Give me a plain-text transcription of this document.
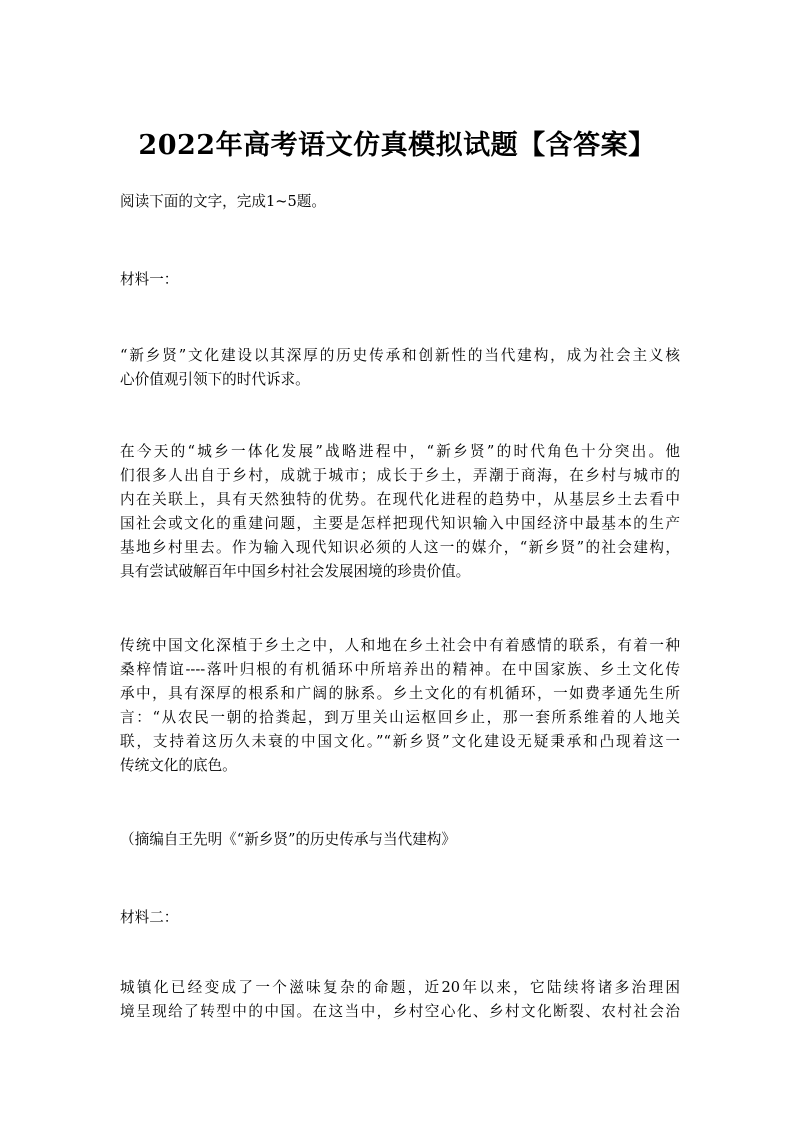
2022年高考语文仿真模拟试题【含答案】

阅读下面的文字，完成1~5题。

材料一：

“新乡贤”文化建设以其深厚的历史传承和创新性的当代建构，成为社会主义核
心价值观引领下的时代诉求。

在今天的“城乡一体化发展”战略进程中，“新乡贤”的时代角色十分突出。他
们很多人出自于乡村，成就于城市；成长于乡土，弄潮于商海，在乡村与城市的
内在关联上，具有天然独特的优势。在现代化进程的趋势中，从基层乡土去看中
国社会或文化的重建问题，主要是怎样把现代知识输入中国经济中最基本的生产
基地乡村里去。作为输入现代知识必须的人这一的媒介，“新乡贤”的社会建构，
具有尝试破解百年中国乡村社会发展困境的珍贵价值。

传统中国文化深植于乡土之中，人和地在乡土社会中有着感情的联系，有着一种
桑梓情谊----落叶归根的有机循环中所培养出的精神。在中国家族、乡土文化传
承中，具有深厚的根系和广阔的脉系。乡土文化的有机循环，一如费孝通先生所
言：“从农民一朝的拾粪起，到万里关山运枢回乡止，那一套所系维着的人地关
联，支持着这历久未衰的中国文化。”“新乡贤”文化建设无疑秉承和凸现着这一
传统文化的底色。

（摘编自王先明《“新乡贤”的历史传承与当代建构》

材料二：

城镇化已经变成了一个滋味复杂的命题，近20年以来，它陆续将诸多治理困
境呈现给了转型中的中国。在这当中，乡村空心化、乡村文化断裂、农村社会治
